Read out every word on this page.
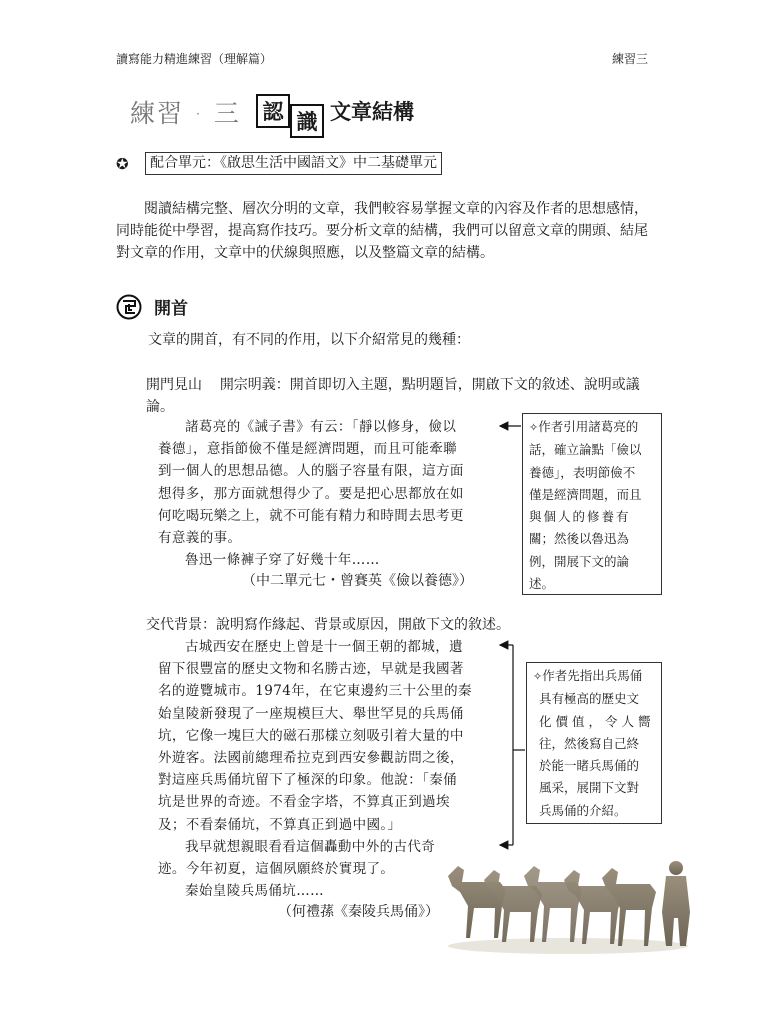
讀寫能力精進練習（理解篇）	練習三
練習 · 三	認 識 文章結構
✪	配合單元：《啟思生活中國語文》中二基礎單元

閱讀結構完整、層次分明的文章，我們較容易掌握文章的內容及作者的思想感情，同時能從中學習，提高寫作技巧。要分析文章的結構，我們可以留意文章的開頭、結尾對文章的作用，文章中的伏線與照應，以及整篇文章的結構。

開首

文章的開首，有不同的作用，以下介紹常見的幾種：

開門見山 開宗明義：開首即切入主題，點明題旨，開啟下文的敘述、說明或議論。

諸葛亮的《誡子書》有云：「靜以修身，儉以
養德」，意指節儉不僅是經濟問題，而且可能牽聯
到一個人的思想品德。人的腦子容量有限，這方面
想得多，那方面就想得少了。要是把心思都放在如
何吃喝玩樂之上，就不可能有精力和時間去思考更
有意義的事。
魯迅一條褲子穿了好幾十年……
（中二單元七・曾賽英《儉以養德》）
✧作者引用諸葛亮的
話，確立論點「儉以
養德」，表明節儉不
僅是經濟問題，而且
與個人的修養有
關；然後以魯迅為
例，開展下文的論
述。

交代背景：說明寫作緣起、背景或原因，開啟下文的敘述。

古城西安在歷史上曾是十一個王朝的都城，遺
留下很豐富的歷史文物和名勝古迹，早就是我國著
名的遊覽城市。1974年，在它東邊約三十公里的秦
始皇陵新發現了一座規模巨大、舉世罕見的兵馬俑
坑，它像一塊巨大的磁石那樣立刻吸引着大量的中
外遊客。法國前總理希拉克到西安參觀訪問之後，
對這座兵馬俑坑留下了極深的印象。他說：「秦俑
坑是世界的奇迹。不看金字塔，不算真正到過埃
及；不看秦俑坑，不算真正到過中國。」
我早就想親眼看看這個轟動中外的古代奇
迹。今年初夏，這個夙願終於實現了。
秦始皇陵兵馬俑坑……
（何禮蓀《秦陵兵馬俑》）
✧作者先指出兵馬俑
具有極高的歷史文
化價值，令人嚮
往，然後寫自己終
於能一睹兵馬俑的
風采，展開下文對
兵馬俑的介紹。
